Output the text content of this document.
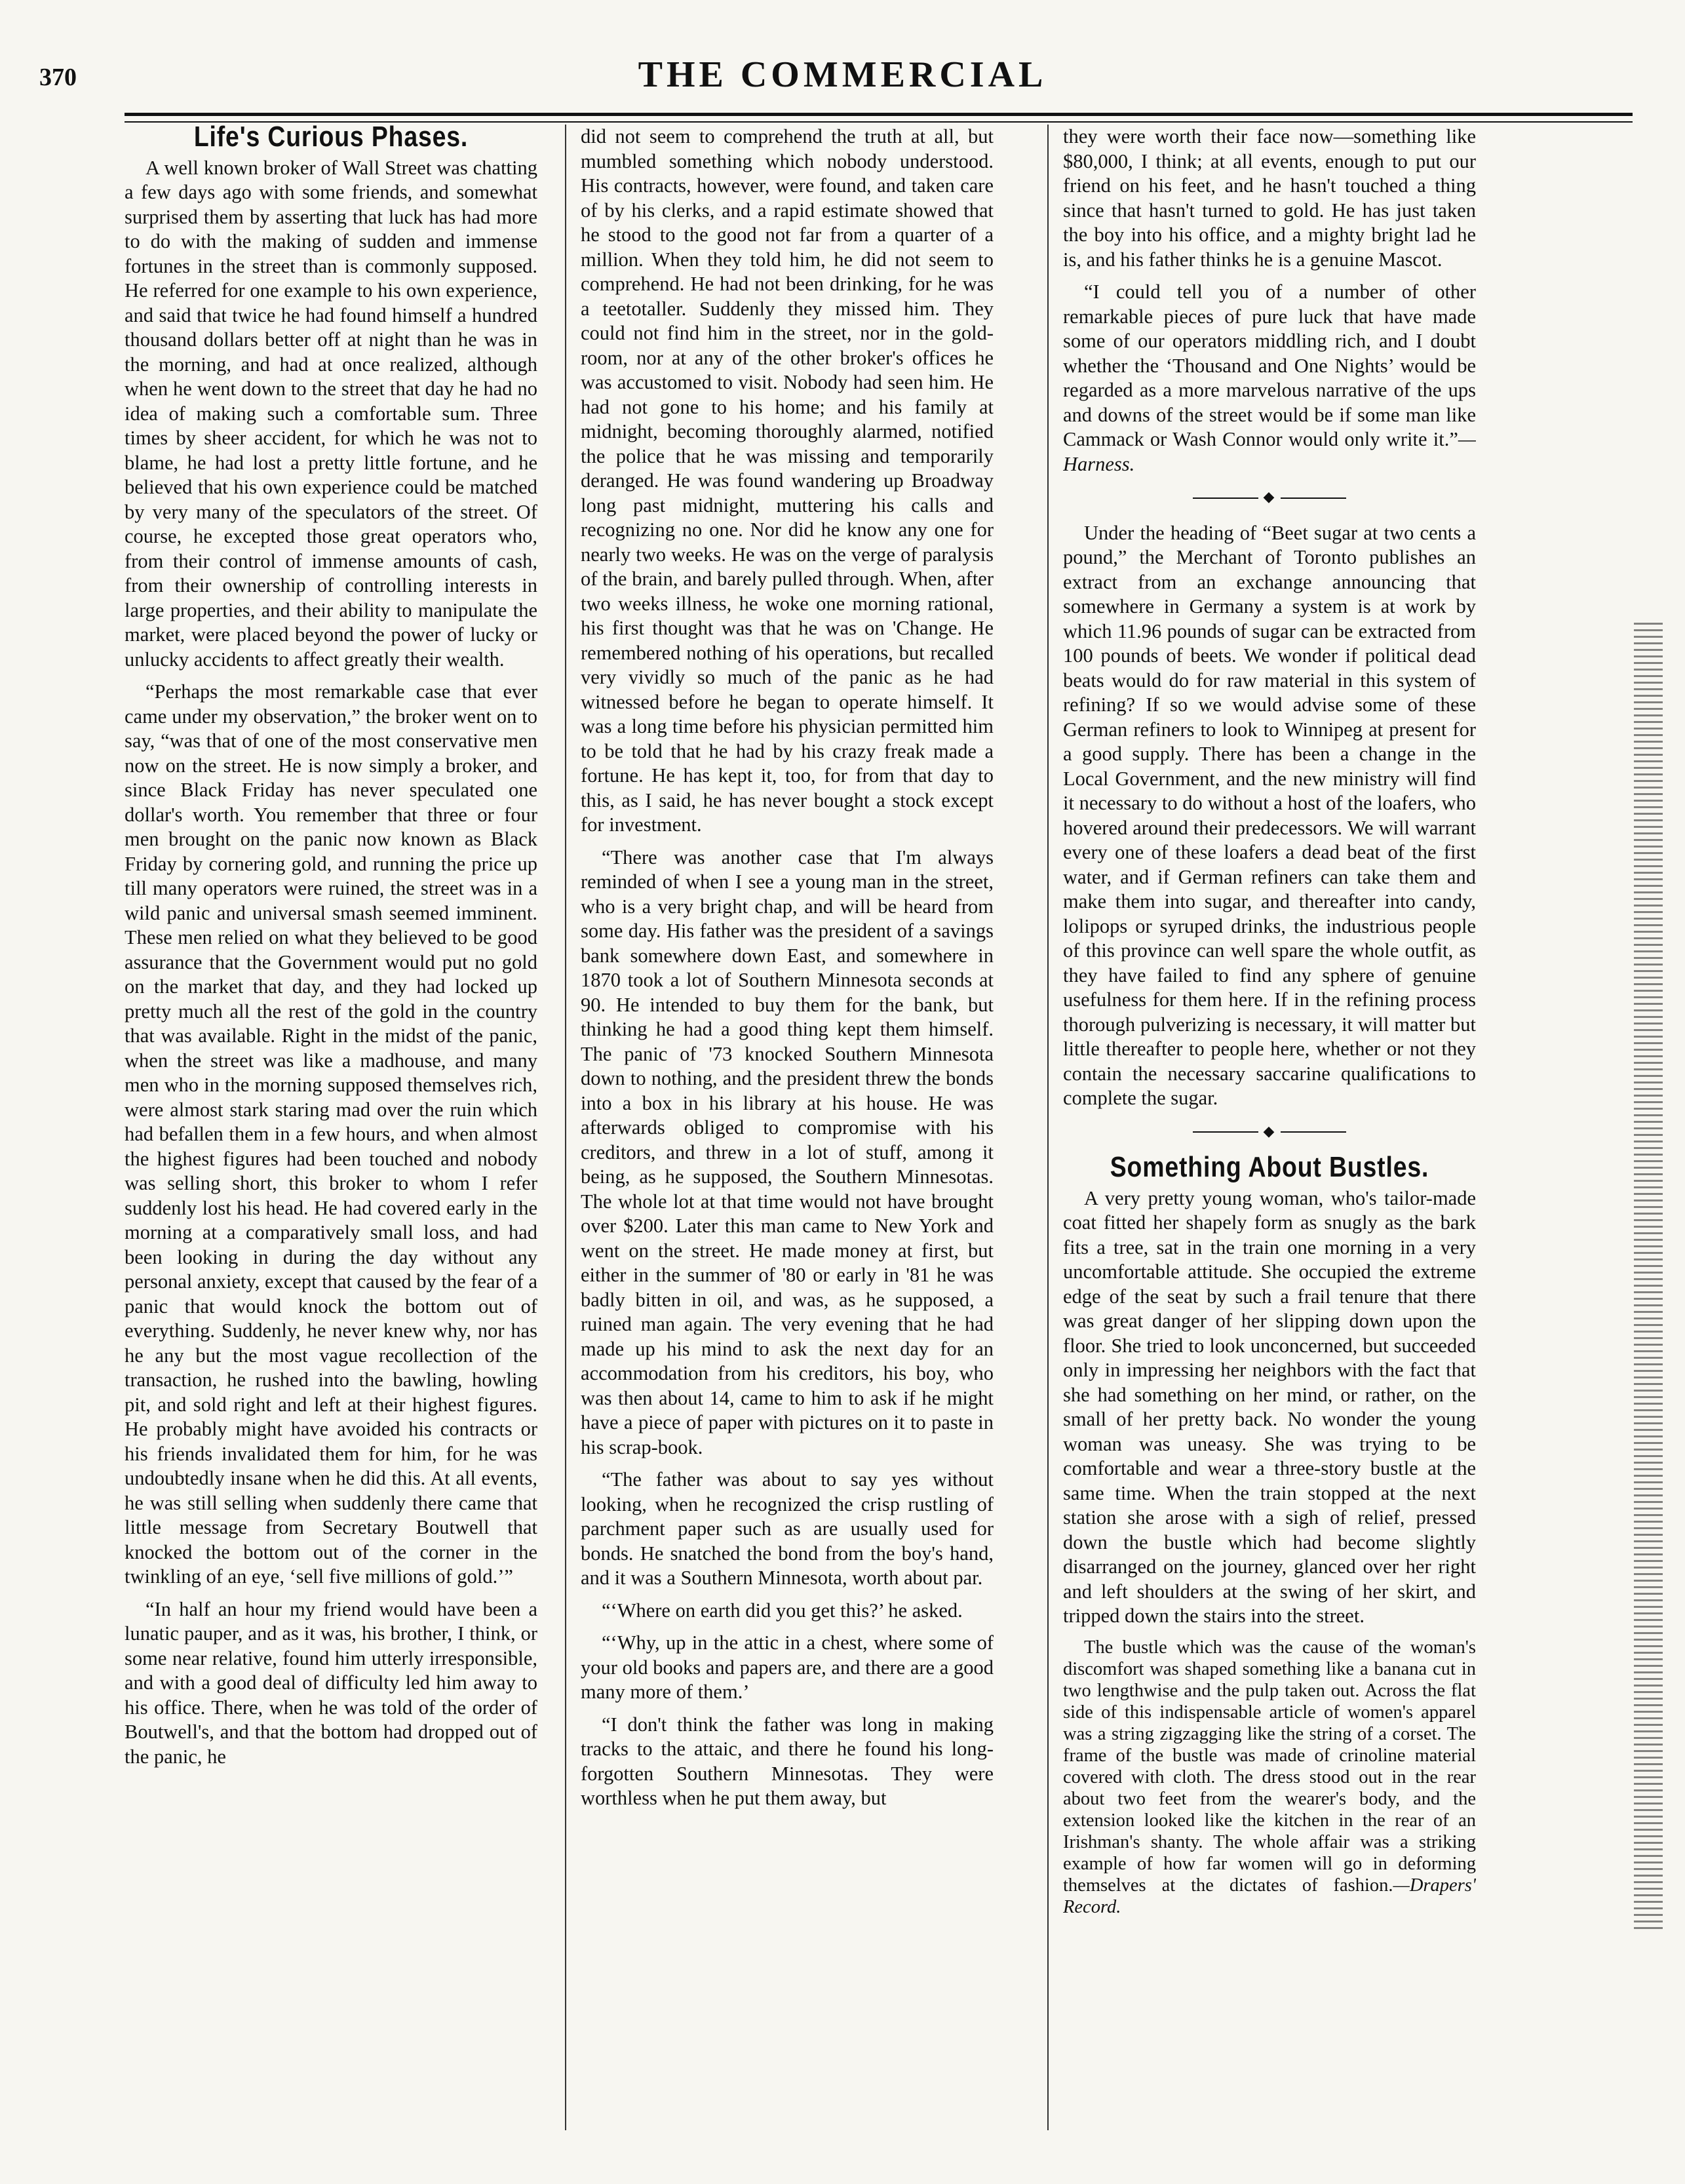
370	THE COMMERCIAL
Life's Curious Phases.

A well known broker of Wall Street was chatting a few days ago with some friends, and somewhat surprised them by asserting that luck has had more to do with the making of sudden and immense fortunes in the street than is commonly supposed. He referred for one example to his own experience, and said that twice he had found himself a hundred thousand dollars better off at night than he was in the morning, and had at once realized, although when he went down to the street that day he had no idea of making such a comfortable sum. Three times by sheer accident, for which he was not to blame, he had lost a pretty little fortune, and he believed that his own experience could be matched by very many of the speculators of the street. Of course, he excepted those great operators who, from their control of immense amounts of cash, from their ownership of controlling interests in large properties, and their ability to manipulate the market, were placed beyond the power of lucky or unlucky accidents to affect greatly their wealth.

“Perhaps the most remarkable case that ever came under my observation,” the broker went on to say, “was that of one of the most conservative men now on the street. He is now simply a broker, and since Black Friday has never speculated one dollar's worth. You remember that three or four men brought on the panic now known as Black Friday by cornering gold, and running the price up till many operators were ruined, the street was in a wild panic and universal smash seemed imminent. These men relied on what they believed to be good assurance that the Government would put no gold on the market that day, and they had locked up pretty much all the rest of the gold in the country that was available. Right in the midst of the panic, when the street was like a madhouse, and many men who in the morning supposed themselves rich, were almost stark staring mad over the ruin which had befallen them in a few hours, and when almost the highest figures had been touched and nobody was selling short, this broker to whom I refer suddenly lost his head. He had covered early in the morning at a comparatively small loss, and had been looking in during the day without any personal anxiety, except that caused by the fear of a panic that would knock the bottom out of everything. Suddenly, he never knew why, nor has he any but the most vague recollection of the transaction, he rushed into the bawling, howling pit, and sold right and left at their highest figures. He probably might have avoided his contracts or his friends invalidated them for him, for he was undoubtedly insane when he did this. At all events, he was still selling when suddenly there came that little message from Secretary Boutwell that knocked the bottom out of the corner in the twinkling of an eye, ‘sell five millions of gold.’”

“In half an hour my friend would have been a lunatic pauper, and as it was, his brother, I think, or some near relative, found him utterly irresponsible, and with a good deal of difficulty led him away to his office. There, when he was told of the order of Boutwell's, and that the bottom had dropped out of the panic, he

did not seem to comprehend the truth at all, but mumbled something which nobody understood. His contracts, however, were found, and taken care of by his clerks, and a rapid estimate showed that he stood to the good not far from a quarter of a million. When they told him, he did not seem to comprehend. He had not been drinking, for he was a teetotaller. Suddenly they missed him. They could not find him in the street, nor in the gold-room, nor at any of the other broker's offices he was accustomed to visit. Nobody had seen him. He had not gone to his home; and his family at midnight, becoming thoroughly alarmed, notified the police that he was missing and temporarily deranged. He was found wandering up Broadway long past midnight, muttering his calls and recognizing no one. Nor did he know any one for nearly two weeks. He was on the verge of paralysis of the brain, and barely pulled through. When, after two weeks illness, he woke one morning rational, his first thought was that he was on 'Change. He remembered nothing of his operations, but recalled very vividly so much of the panic as he had witnessed before he began to operate himself. It was a long time before his physician permitted him to be told that he had by his crazy freak made a fortune. He has kept it, too, for from that day to this, as I said, he has never bought a stock except for investment.

“There was another case that I'm always reminded of when I see a young man in the street, who is a very bright chap, and will be heard from some day. His father was the president of a savings bank somewhere down East, and somewhere in 1870 took a lot of Southern Minnesota seconds at 90. He intended to buy them for the bank, but thinking he had a good thing kept them himself. The panic of '73 knocked Southern Minnesota down to nothing, and the president threw the bonds into a box in his library at his house. He was afterwards obliged to compromise with his creditors, and threw in a lot of stuff, among it being, as he supposed, the Southern Minnesotas. The whole lot at that time would not have brought over $200. Later this man came to New York and went on the street. He made money at first, but either in the summer of '80 or early in '81 he was badly bitten in oil, and was, as he supposed, a ruined man again. The very evening that he had made up his mind to ask the next day for an accommodation from his creditors, his boy, who was then about 14, came to him to ask if he might have a piece of paper with pictures on it to paste in his scrap-book.

“The father was about to say yes without looking, when he recognized the crisp rustling of parchment paper such as are usually used for bonds. He snatched the bond from the boy's hand, and it was a Southern Minnesota, worth about par.

“‘Where on earth did you get this?’ he asked.

“‘Why, up in the attic in a chest, where some of your old books and papers are, and there are a good many more of them.’

“I don't think the father was long in making tracks to the attaic, and there he found his long-forgotten Southern Minnesotas. They were worthless when he put them away, but

they were worth their face now—something like $80,000, I think; at all events, enough to put our friend on his feet, and he hasn't touched a thing since that hasn't turned to gold. He has just taken the boy into his office, and a mighty bright lad he is, and his father thinks he is a genuine Mascot.

“I could tell you of a number of other remarkable pieces of pure luck that have made some of our operators middling rich, and I doubt whether the ‘Thousand and One Nights’ would be regarded as a more marvelous narrative of the ups and downs of the street would be if some man like Cammack or Wash Connor would only write it.”—Harness.

◆

Under the heading of “Beet sugar at two cents a pound,” the Merchant of Toronto publishes an extract from an exchange announcing that somewhere in Germany a system is at work by which 11.96 pounds of sugar can be extracted from 100 pounds of beets. We wonder if political dead beats would do for raw material in this system of refining? If so we would advise some of these German refiners to look to Winnipeg at present for a good supply. There has been a change in the Local Government, and the new ministry will find it necessary to do without a host of the loafers, who hovered around their predecessors. We will warrant every one of these loafers a dead beat of the first water, and if German refiners can take them and make them into sugar, and thereafter into candy, lolipops or syruped drinks, the industrious people of this province can well spare the whole outfit, as they have failed to find any sphere of genuine usefulness for them here. If in the refining process thorough pulverizing is necessary, it will matter but little thereafter to people here, whether or not they contain the necessary saccarine qualifications to complete the sugar.

◆
Something About Bustles.

A very pretty young woman, who's tailor-made coat fitted her shapely form as snugly as the bark fits a tree, sat in the train one morning in a very uncomfortable attitude. She occupied the extreme edge of the seat by such a frail tenure that there was great danger of her slipping down upon the floor. She tried to look unconcerned, but succeeded only in impressing her neighbors with the fact that she had something on her mind, or rather, on the small of her pretty back. No wonder the young woman was uneasy. She was trying to be comfortable and wear a three-story bustle at the same time. When the train stopped at the next station she arose with a sigh of relief, pressed down the bustle which had become slightly disarranged on the journey, glanced over her right and left shoulders at the swing of her skirt, and tripped down the stairs into the street.

The bustle which was the cause of the woman's discomfort was shaped something like a banana cut in two lengthwise and the pulp taken out. Across the flat side of this indispensable article of women's apparel was a string zigzagging like the string of a corset. The frame of the bustle was made of crinoline material covered with cloth. The dress stood out in the rear about two feet from the wearer's body, and the extension looked like the kitchen in the rear of an Irishman's shanty. The whole affair was a striking example of how far women will go in deforming themselves at the dictates of fashion.—Drapers' Record.
